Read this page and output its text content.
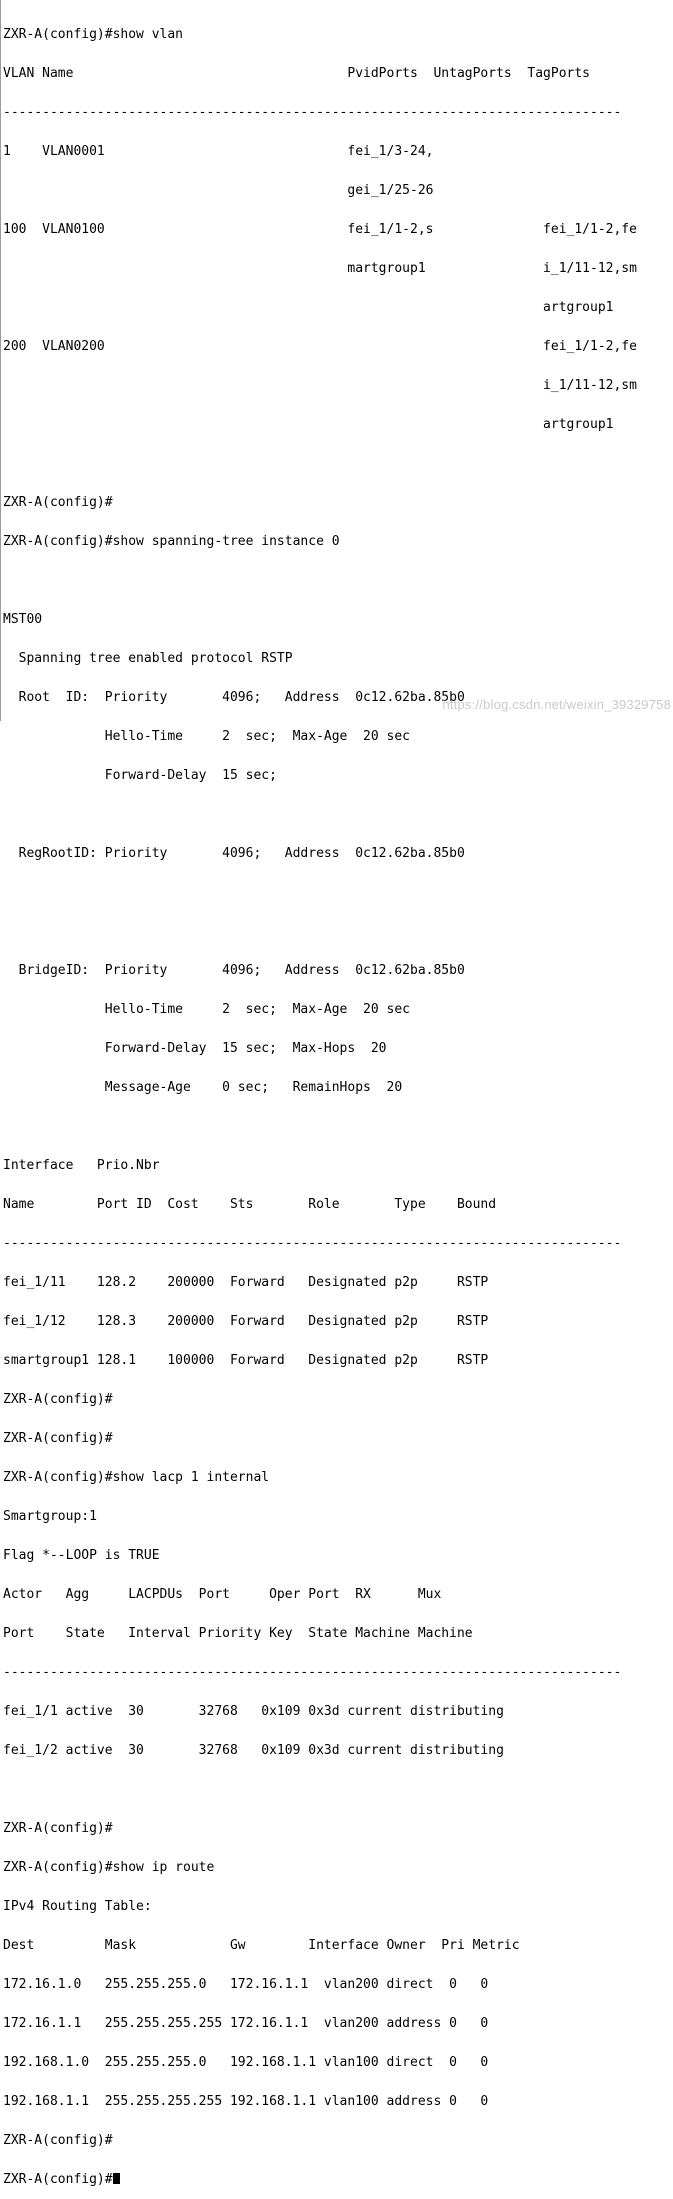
ZXR-A(config)#show vlan

VLAN Name                                   PvidPorts  UntagPorts  TagPorts

-------------------------------------------------------------------------------

1    VLAN0001                               fei_1/3-24,

gei_1/25-26

100  VLAN0100                               fei_1/1-2,s              fei_1/1-2,fe

martgroup1               i_1/11-12,sm

artgroup1

200  VLAN0200                                                        fei_1/1-2,fe

i_1/11-12,sm

artgroup1

ZXR-A(config)#

ZXR-A(config)#show spanning-tree instance 0

MST00

Spanning tree enabled protocol RSTP

Root  ID:  Priority       4096;   Address  0c12.62ba.85b0

Hello-Time     2  sec;  Max-Age  20 sec

Forward-Delay  15 sec;

RegRootID: Priority       4096;   Address  0c12.62ba.85b0

BridgeID:  Priority       4096;   Address  0c12.62ba.85b0

Hello-Time     2  sec;  Max-Age  20 sec

Forward-Delay  15 sec;  Max-Hops  20

Message-Age    0 sec;   RemainHops  20

Interface   Prio.Nbr

Name        Port ID  Cost    Sts       Role       Type    Bound

-------------------------------------------------------------------------------

fei_1/11    128.2    200000  Forward   Designated p2p     RSTP

fei_1/12    128.3    200000  Forward   Designated p2p     RSTP

smartgroup1 128.1    100000  Forward   Designated p2p     RSTP

ZXR-A(config)#

ZXR-A(config)#

ZXR-A(config)#show lacp 1 internal

Smartgroup:1

Flag *--LOOP is TRUE

Actor   Agg     LACPDUs  Port     Oper Port  RX      Mux

Port    State   Interval Priority Key  State Machine Machine

-------------------------------------------------------------------------------

fei_1/1 active  30       32768   0x109 0x3d current distributing

fei_1/2 active  30       32768   0x109 0x3d current distributing

ZXR-A(config)#

ZXR-A(config)#show ip route

IPv4 Routing Table:

Dest         Mask            Gw        Interface Owner  Pri Metric

172.16.1.0   255.255.255.0   172.16.1.1  vlan200 direct  0   0

172.16.1.1   255.255.255.255 172.16.1.1  vlan200 address 0   0

192.168.1.0  255.255.255.0   192.168.1.1 vlan100 direct  0   0

192.168.1.1  255.255.255.255 192.168.1.1 vlan100 address 0   0

ZXR-A(config)#

ZXR-A(config)#

https://blog.csdn.net/weixin_39329758
